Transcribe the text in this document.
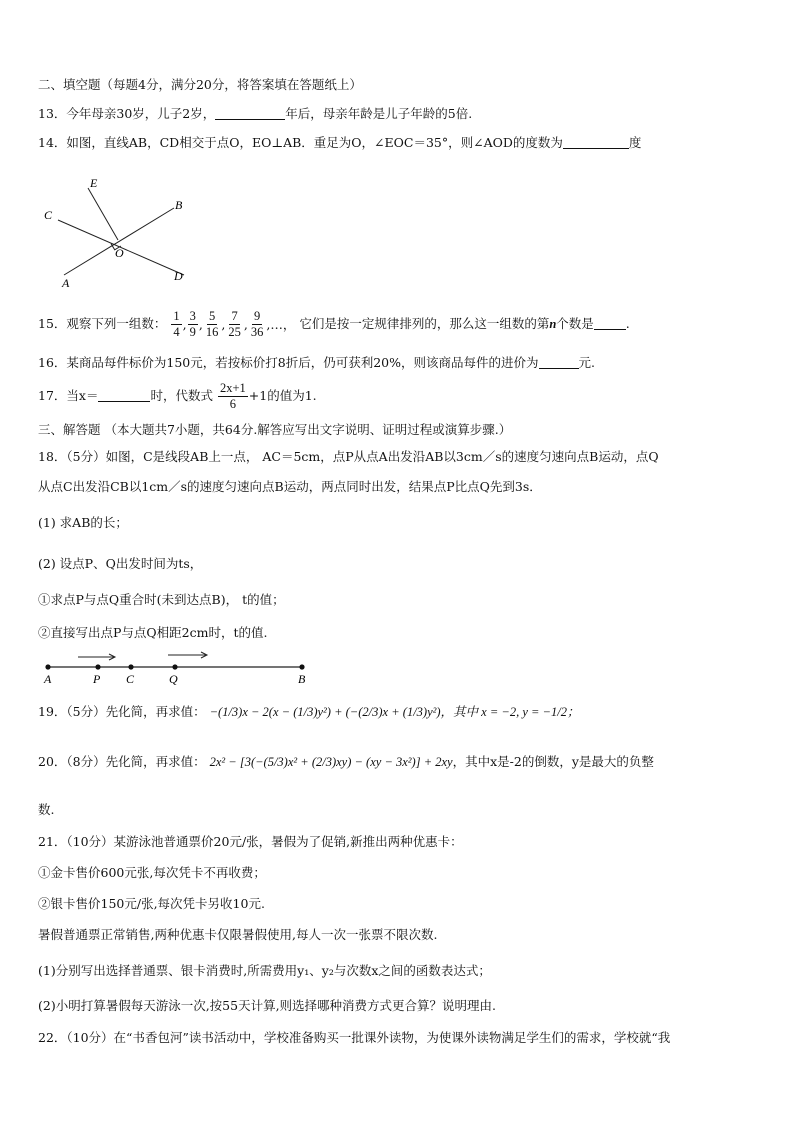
二、填空题（每题4分，满分20分，将答案填在答题纸上）
13．今年母亲30岁，儿子2岁，	年后，母亲年龄是儿子年龄的5倍.
14．如图，直线AB，CD相交于点O，EO⊥AB．重足为O，∠EOC＝35°，则∠AOD的度数为	度
E
C
B
O
D
A
15．观察下列一组数： $\frac{1}{4}$ , $\frac{3}{9}$ , $\frac{5}{16}$ , $\frac{7}{25}$ , $\frac{9}{36}$ ,…， 它们是按一定规律排列的，那么这一组数的第n个数是	.
16．某商品每件标价为150元，若按标价打8折后，仍可获利20%，则该商品每件的进价为	元.
17．当x＝	时，代数式 $\frac{2x+1}{6} +1$的值为1.
三、解答题 （本大题共7小题，共64分.解答应写出文字说明、证明过程或演算步骤.）
18．（5分）如图，C是线段AB上一点， AC＝5cm，点P从点A出发沿AB以3cm／s的速度匀速向点B运动，点Q
从点C出发沿CB以1cm／s的速度匀速向点B运动，两点同时出发，结果点P比点Q先到3s．
(1) 求AB的长；
(2) 设点P、Q出发时间为ts，
①求点P与点Q重合时(未到达点B)， t的值；
②直接写出点P与点Q相距2cm时，t的值.
A	P C	Q	B
19．（5分）先化简，再求值： −(1/3)x − 2(x − (1/3)y²) + (−(2/3)x + (1/3)y²)，其中 x = −2, y = −1/2；
20．（8分）先化简，再求值： 2x² − [3(−(5/3)x² + (2/3)xy) − (xy − 3x²)] + 2xy，其中x是-2的倒数，y是最大的负整
数.
21．（10分）某游泳池普通票价20元/张，暑假为了促销,新推出两种优惠卡：
①金卡售价600元张,每次凭卡不再收费；
②银卡售价150元/张,每次凭卡另收10元.
暑假普通票正常销售,两种优惠卡仅限暑假使用,每人一次一张票不限次数.
(1)分别写出选择普通票、银卡消费时,所需费用y₁、y₂与次数x之间的函数表达式；
(2)小明打算暑假每天游泳一次,按55天计算,则选择哪种消费方式更合算？说明理由.
22．（10分）在“书香包河”读书活动中，学校准备购买一批课外读物，为使课外读物满足学生们的需求，学校就“我
